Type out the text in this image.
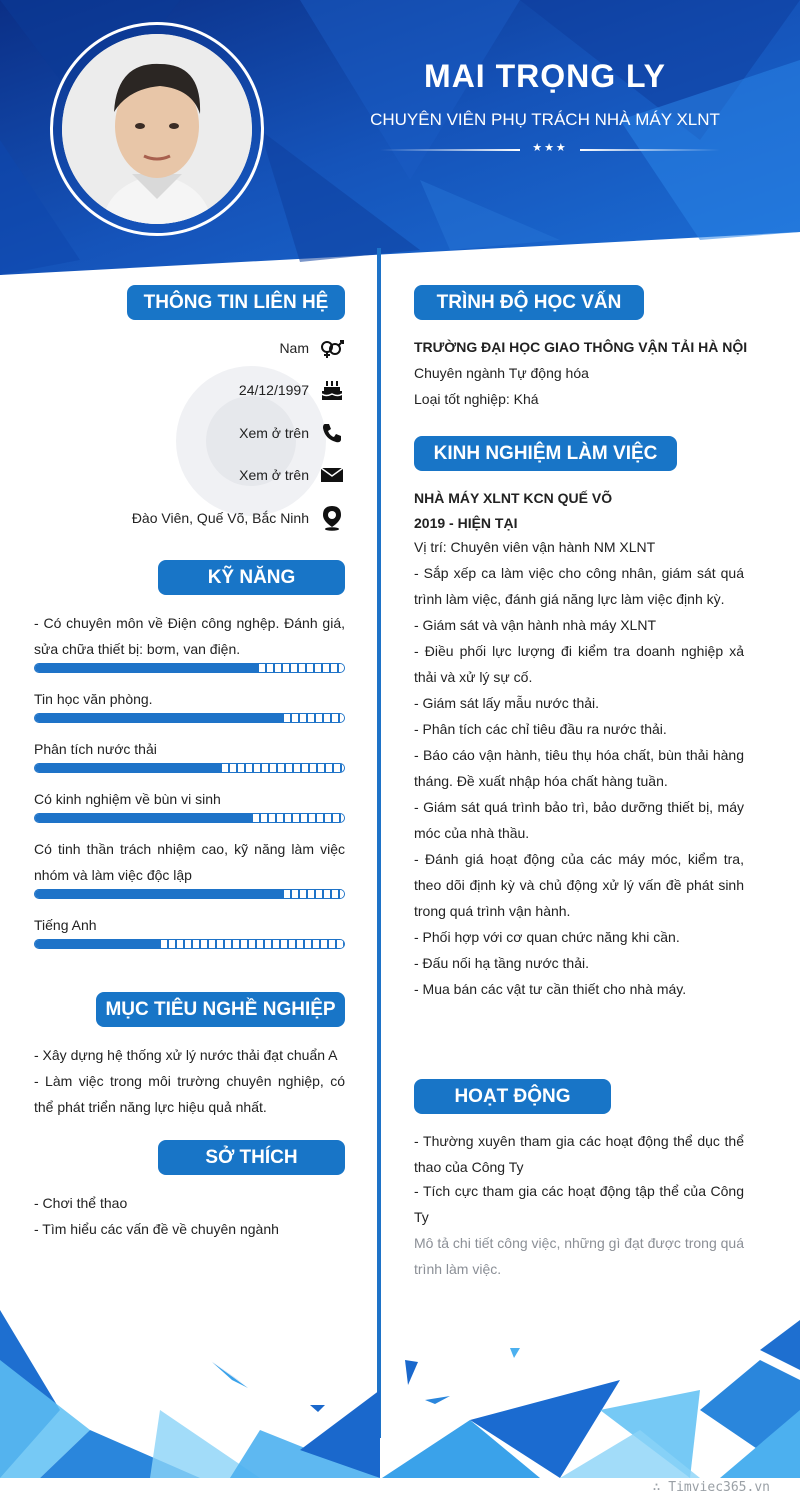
MAI TRỌNG LY
CHUYÊN VIÊN PHỤ TRÁCH NHÀ MÁY XLNT
★★★
THÔNG TIN LIÊN HỆ
Nam
24/12/1997
Xem ở trên
Xem ở trên
Đào Viên, Quế Võ, Bắc Ninh
KỸ NĂNG
- Có chuyên môn về Điện công nghệp. Đánh giá, sửa chữa thiết bị: bơm, van điện.
Tin học văn phòng.
Phân tích nước thải
Có kinh nghiệm về bùn vi sinh
Có tinh thần trách nhiệm cao, kỹ năng làm việc nhóm và làm việc độc lập
Tiếng Anh
MỤC TIÊU NGHỀ NGHIỆP
- Xây dựng hệ thống xử lý nước thải đạt chuẩn A
- Làm việc trong môi trường chuyên nghiệp, có thể phát triển năng lực hiệu quả nhất.
SỞ THÍCH
- Chơi thể thao
- Tìm hiểu các vấn đề về chuyên ngành
TRÌNH ĐỘ HỌC VẤN
TRƯỜNG ĐẠI HỌC GIAO THÔNG VẬN TẢI HÀ NỘI
Chuyên ngành Tự động hóa
Loại tốt nghiệp: Khá
KINH NGHIỆM LÀM VIỆC
NHÀ MÁY XLNT KCN QUẾ VÕ
2019 - HIỆN TẠI
Vị trí: Chuyên viên vận hành NM XLNT
- Sắp xếp ca làm việc cho công nhân, giám sát quá trình làm việc, đánh giá năng lực làm việc định kỳ.
- Giám sát và vận hành nhà máy XLNT
- Điều phối lực lượng đi kiểm tra doanh nghiệp xả thải và xử lý sự cố.
- Giám sát lấy mẫu nước thải.
- Phân tích các chỉ tiêu đầu ra nước thải.
- Báo cáo vận hành, tiêu thụ hóa chất, bùn thải hàng tháng. Đề xuất nhập hóa chất hàng tuần.
- Giám sát quá trình bảo trì, bảo dưỡng thiết bị, máy móc của nhà thầu.
- Đánh giá hoạt động của các máy móc, kiểm tra, theo dõi định kỳ và chủ động xử lý vấn đề phát sinh trong quá trình vận hành.
- Phối hợp với cơ quan chức năng khi cần.
- Đấu nối hạ tầng nước thải.
- Mua bán các vật tư cần thiết cho nhà máy.
HOẠT ĐỘNG
- Thường xuyên tham gia các hoạt động thể dục thể thao của Công Ty
- Tích cực tham gia các hoạt động tập thể của Công Ty
Mô tả chi tiết công việc, những gì đạt được trong quá trình làm việc.
∴ Timviec365.vn
